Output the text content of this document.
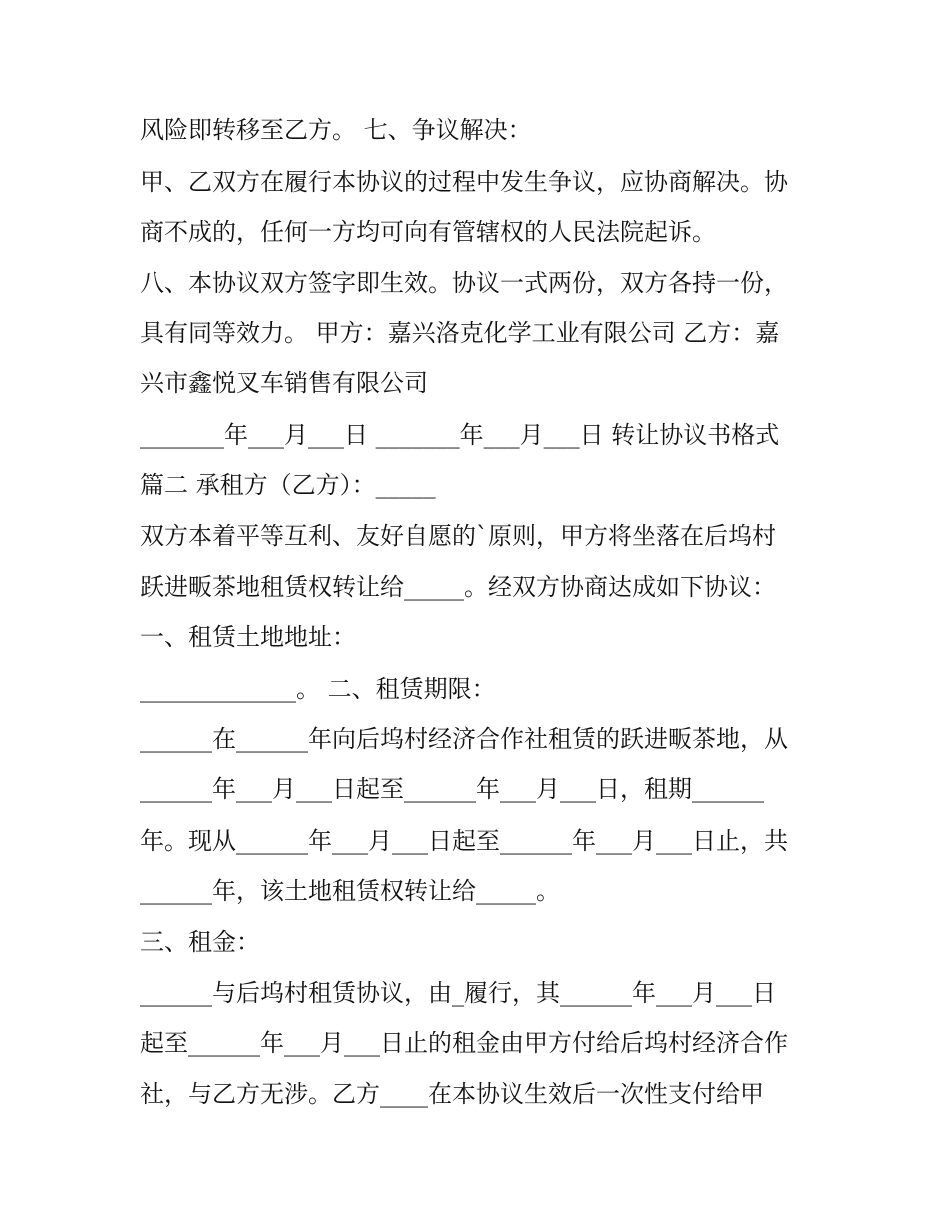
风险即转移至乙方。 七、争议解决：
甲、乙双方在履行本协议的过程中发生争议，应协商解决。协
商不成的，任何一方均可向有管辖权的人民法院起诉。
八、本协议双方签字即生效。协议一式两份，双方各持一份，
具有同等效力。 甲方：嘉兴洛克化学工业有限公司 乙方：嘉
兴市鑫悦叉车销售有限公司
_______年___月___日 _______年___月___日 转让协议书格式
篇二 承租方（乙方）：_____
双方本着平等互利、友好自愿的`原则，甲方将坐落在后坞村
跃进畈茶地租赁权转让给_____。经双方协商达成如下协议：
一、租赁土地地址：
_____________。 二、租赁期限：
______在______年向后坞村经济合作社租赁的跃进畈茶地，从
______年___月___日起至______年___月___日，租期______
年。现从______年___月___日起至______年___月___日止，共
______年，该土地租赁权转让给_____。
三、租金：
______与后坞村租赁协议，由_履行，其______年___月___日
起至______年___月___日止的租金由甲方付给后坞村经济合作
社，与乙方无涉。乙方____在本协议生效后一次性支付给甲
